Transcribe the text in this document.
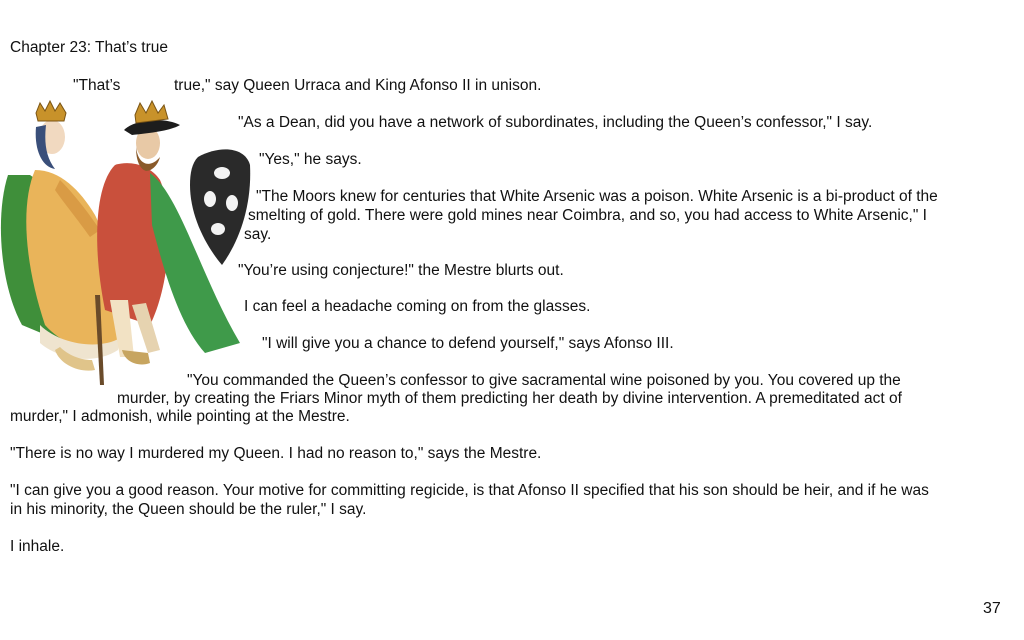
Chapter 23: That’s true
"That’s	true," say Queen Urraca and King Afonso II in unison.
"As a Dean, did you have a network of subordinates, including the Queen’s confessor," I say.
"Yes," he says.
"The Moors knew for centuries that White Arsenic was a poison. White Arsenic is a bi-product of the
smelting of gold. There were gold mines near Coimbra, and so, you had access to White Arsenic," I
say.
"You’re using conjecture!" the Mestre blurts out.
I can feel a headache coming on from the glasses.
"I will give you a chance to defend yourself," says Afonso III.
"You commanded the Queen’s confessor to give sacramental wine poisoned by you. You covered up the
murder, by creating the Friars Minor myth of them predicting her death by divine intervention. A premeditated act of
murder," I admonish, while pointing at the Mestre.
"There is no way I murdered my Queen. I had no reason to," says the Mestre.
"I can give you a good reason. Your motive for committing regicide, is that Afonso II specified that his son should be heir, and if he was
in his minority, the Queen should be the ruler," I say.
I inhale.
37
